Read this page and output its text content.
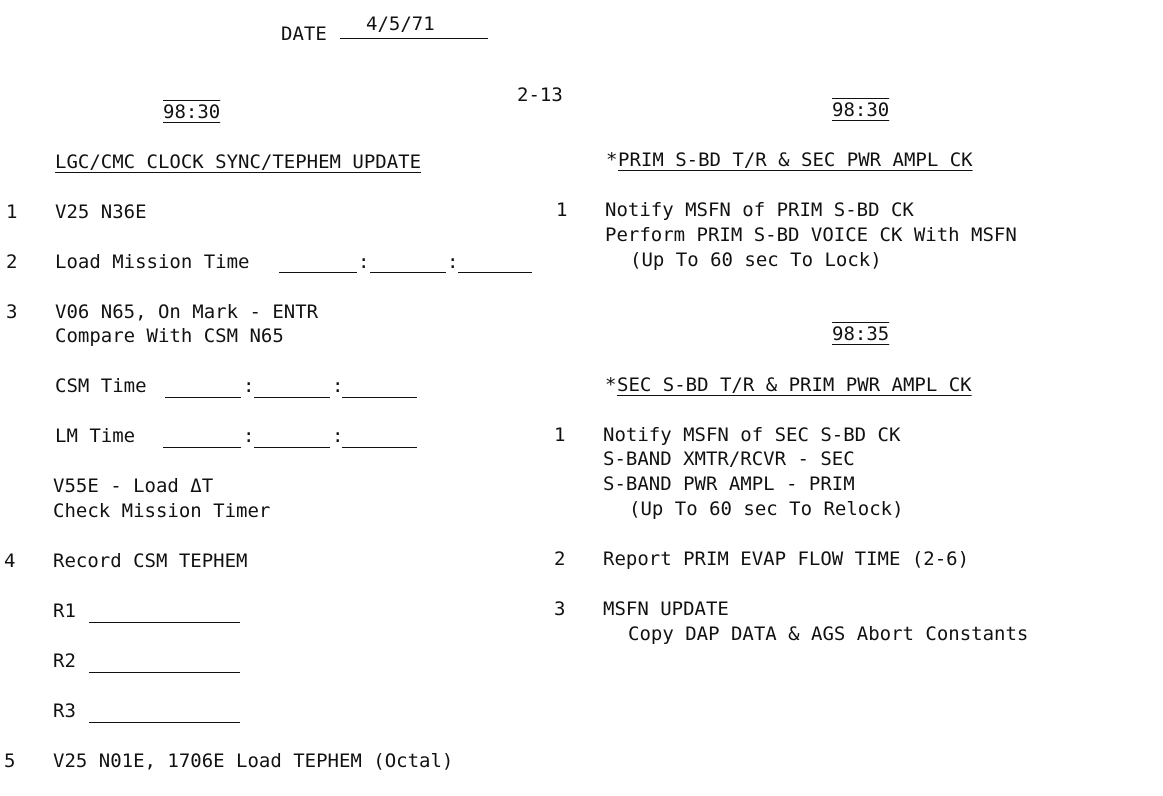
DATE 4/5/71
2-13
98:30
LGC/CMC CLOCK SYNC/TEPHEM UPDATE
1 V25 N36E
2 Load Mission Time	:	:
3 V06 N65, On Mark - ENTR
Compare With CSM N65
CSM Time	:	:
LM Time	:	:
V55E - Load ΔT
Check Mission Timer
4 Record CSM TEPHEM
R1
R2
R3
5 V25 N01E, 1706E Load TEPHEM (Octal)
98:30
* PRIM S-BD T/R & SEC PWR AMPL CK
1 Notify MSFN of PRIM S-BD CK
Perform PRIM S-BD VOICE CK With MSFN
(Up To 60 sec To Lock)
98:35
* SEC S-BD T/R & PRIM PWR AMPL CK
1 Notify MSFN of SEC S-BD CK
S-BAND XMTR/RCVR - SEC
S-BAND PWR AMPL - PRIM
(Up To 60 sec To Relock)
2 Report PRIM EVAP FLOW TIME (2-6)
3 MSFN UPDATE
Copy DAP DATA & AGS Abort Constants
